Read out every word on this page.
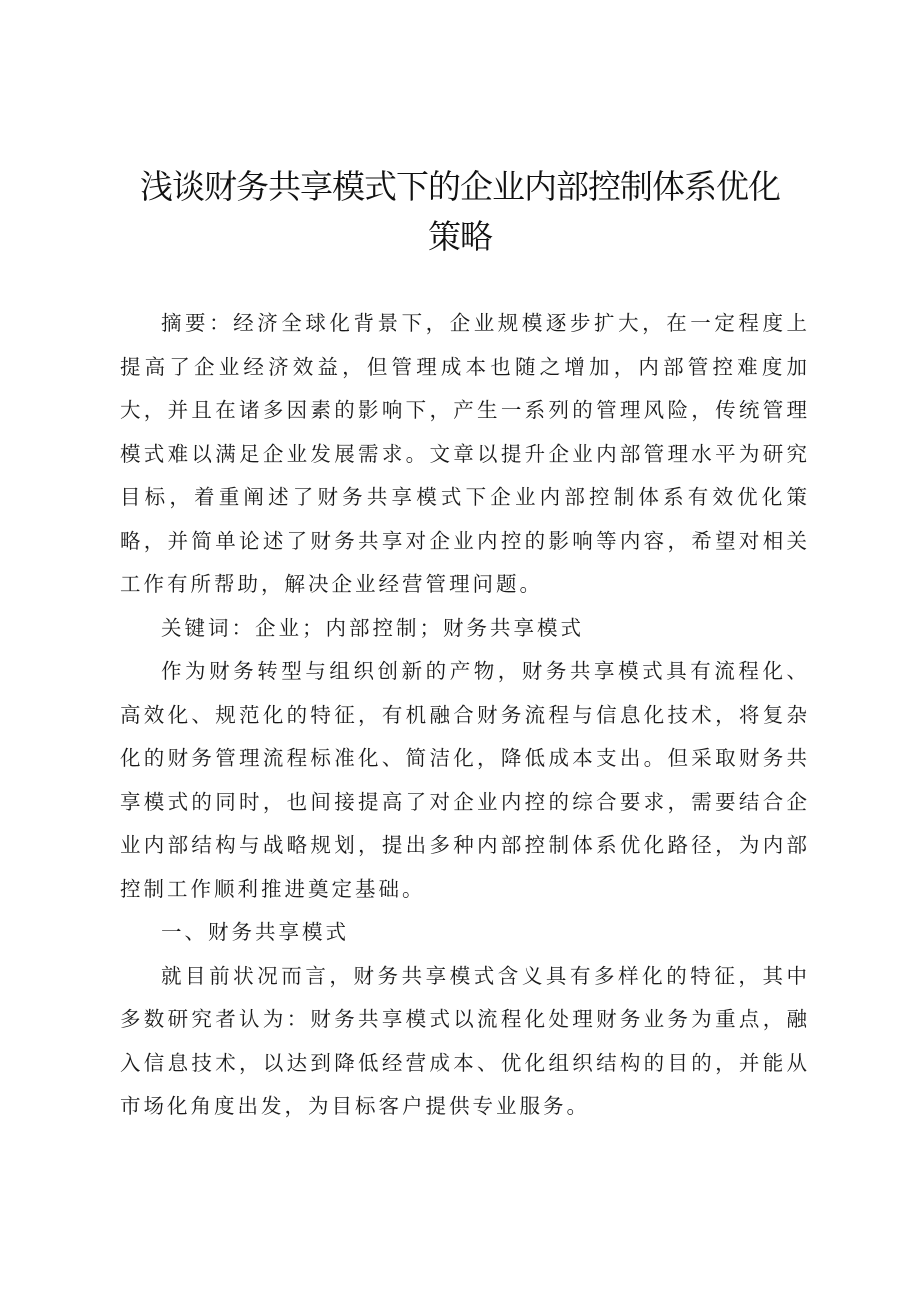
浅谈财务共享模式下的企业内部控制体系优化
策略

摘要：经济全球化背景下，企业规模逐步扩大，在一定程度上提高了企业经济效益，但管理成本也随之增加，内部管控难度加大，并且在诸多因素的影响下，产生一系列的管理风险，传统管理模式难以满足企业发展需求。文章以提升企业内部管理水平为研究目标，着重阐述了财务共享模式下企业内部控制体系有效优化策略，并简单论述了财务共享对企业内控的影响等内容，希望对相关工作有所帮助，解决企业经营管理问题。

关键词：企业；内部控制；财务共享模式

作为财务转型与组织创新的产物，财务共享模式具有流程化、高效化、规范化的特征，有机融合财务流程与信息化技术，将复杂化的财务管理流程标准化、简洁化，降低成本支出。但采取财务共享模式的同时，也间接提高了对企业内控的综合要求，需要结合企业内部结构与战略规划，提出多种内部控制体系优化路径，为内部控制工作顺利推进奠定基础。

一、财务共享模式

就目前状况而言，财务共享模式含义具有多样化的特征，其中多数研究者认为：财务共享模式以流程化处理财务业务为重点，融入信息技术，以达到降低经营成本、优化组织结构的目的，并能从市场化角度出发，为目标客户提供专业服务。
